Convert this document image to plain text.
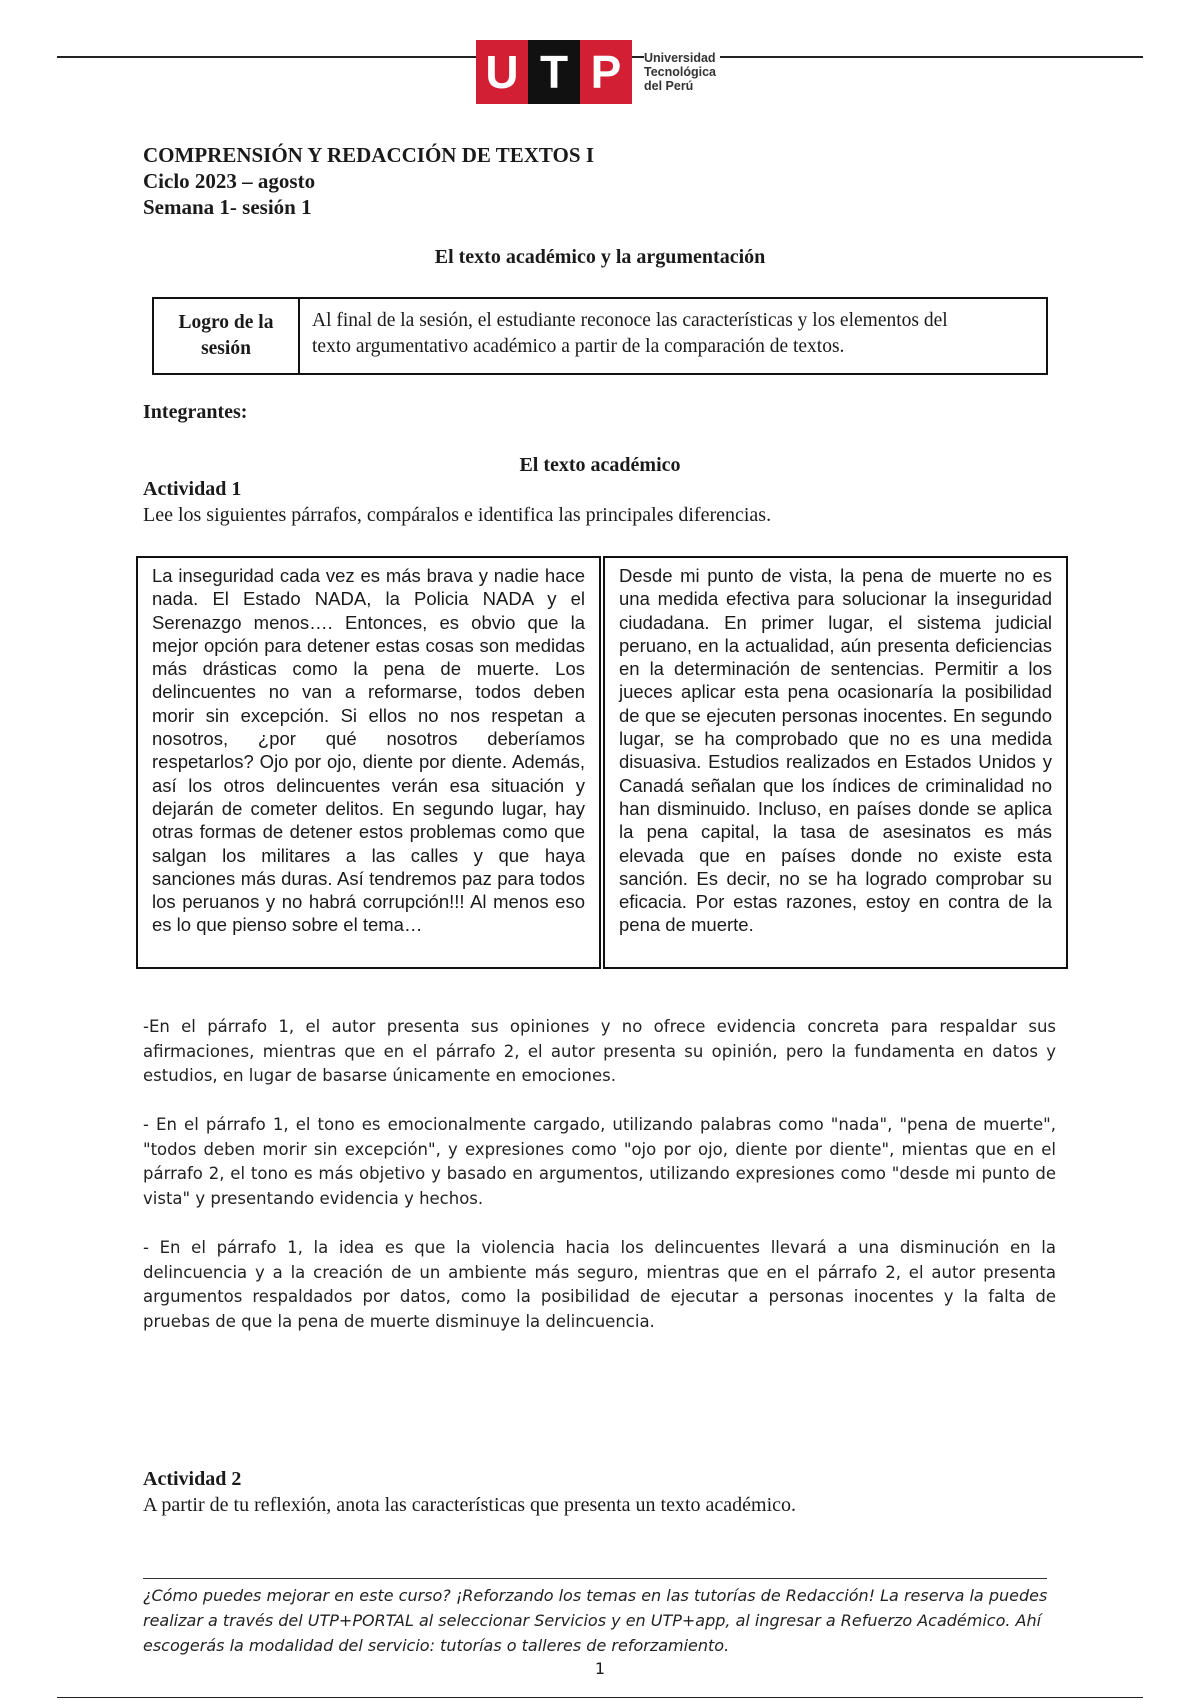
U T P	Universidad
Tecnológica
del Perú
COMPRENSIÓN Y REDACCIÓN DE TEXTOS I
Ciclo 2023 – agosto
Semana 1- sesión 1
El texto académico y la argumentación
Logro de la
sesión
Al final de la sesión, el estudiante reconoce las características y los elementos del
texto argumentativo académico a partir de la comparación de textos.
Integrantes:
El texto académico
Actividad 1
Lee los siguientes párrafos, compáralos e identifica las principales diferencias.
La inseguridad cada vez es más brava y nadie hace nada. El Estado NADA, la Policia NADA y el Serenazgo menos…. Entonces, es obvio que la mejor opción para detener estas cosas son medidas más drásticas como la pena de muerte. Los delincuentes no van a reformarse, todos deben morir sin excepción. Si ellos no nos respetan a nosotros, ¿por qué nosotros deberíamos respetarlos? Ojo por ojo, diente por diente. Además, así los otros delincuentes verán esa situación y dejarán de cometer delitos. En segundo lugar, hay otras formas de detener estos problemas como que salgan los militares a las calles y que haya sanciones más duras. Así tendremos paz para todos los peruanos y no habrá corrupción!!! Al menos eso es lo que pienso sobre el tema…
Desde mi punto de vista, la pena de muerte no es una medida efectiva para solucionar la inseguridad ciudadana. En primer lugar, el sistema judicial peruano, en la actualidad, aún presenta deficiencias en la determinación de sentencias. Permitir a los jueces aplicar esta pena ocasionaría la posibilidad de que se ejecuten personas inocentes. En segundo lugar, se ha comprobado que no es una medida disuasiva. Estudios realizados en Estados Unidos y Canadá señalan que los índices de criminalidad no han disminuido. Incluso, en países donde se aplica la pena capital, la tasa de asesinatos es más elevada que en países donde no existe esta sanción. Es decir, no se ha logrado comprobar su eficacia. Por estas razones, estoy en contra de la pena de muerte.
-En el párrafo 1, el autor presenta sus opiniones y no ofrece evidencia concreta para respaldar sus afirmaciones, mientras que en el párrafo 2, el autor presenta su opinión, pero la fundamenta en datos y estudios, en lugar de basarse únicamente en emociones.
- En el párrafo 1, el tono es emocionalmente cargado, utilizando palabras como "nada", "pena de muerte", "todos deben morir sin excepción", y expresiones como "ojo por ojo, diente por diente", mientas que en el párrafo 2, el tono es más objetivo y basado en argumentos, utilizando expresiones como "desde mi punto de vista" y presentando evidencia y hechos.
- En el párrafo 1, la idea es que la violencia hacia los delincuentes llevará a una disminución en la delincuencia y a la creación de un ambiente más seguro, mientras que en el párrafo 2, el autor presenta argumentos respaldados por datos, como la posibilidad de ejecutar a personas inocentes y la falta de pruebas de que la pena de muerte disminuye la delincuencia.
Actividad 2
A partir de tu reflexión, anota las características que presenta un texto académico.
¿Cómo puedes mejorar en este curso? ¡Reforzando los temas en las tutorías de Redacción! La reserva la puedes realizar a través del UTP+PORTAL al seleccionar Servicios y en UTP+app, al ingresar a Refuerzo Académico. Ahí escogerás la modalidad del servicio: tutorías o talleres de reforzamiento.
1
